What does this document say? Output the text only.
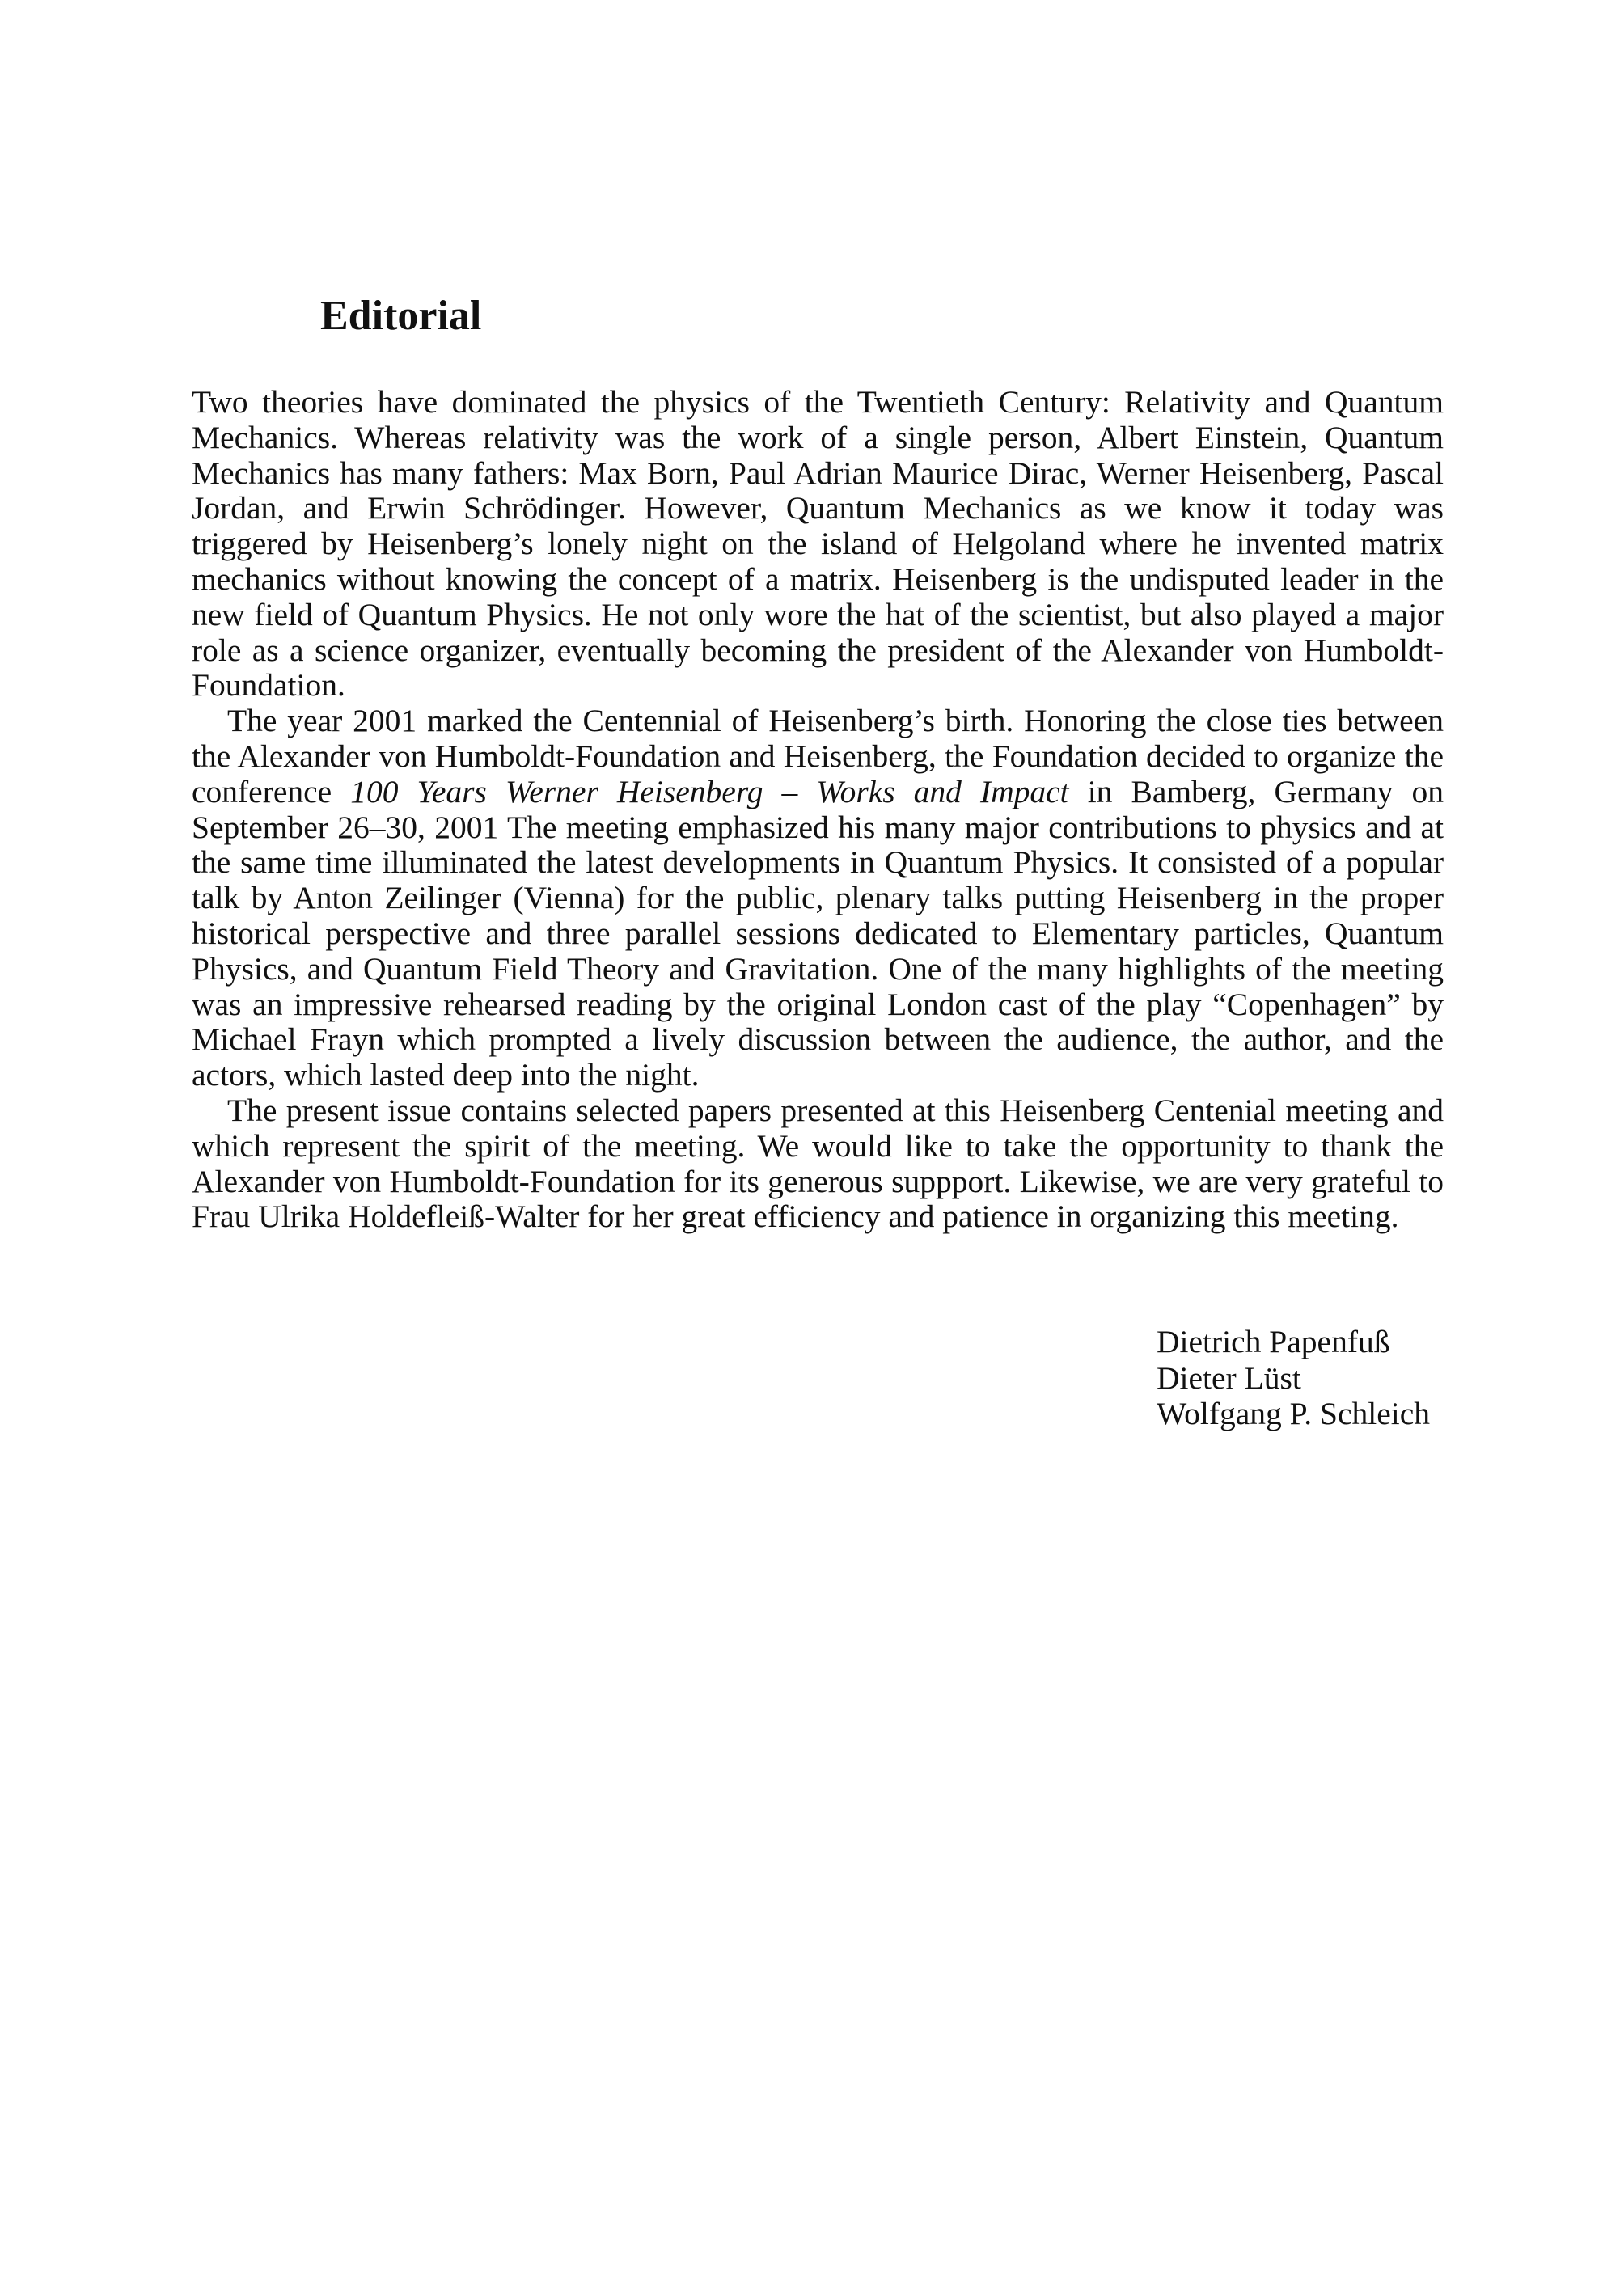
Editorial

Two theories have dominated the physics of the Twentieth Century: Relativity and Quantum Mechanics. Whereas relativity was the work of a single person, Albert Einstein, Quantum Mechanics has many fathers: Max Born, Paul Adrian Maurice Dirac, Werner Heisenberg, Pascal Jordan, and Erwin Schrödinger. However, Quantum Mechanics as we know it today was triggered by Heisenberg’s lonely night on the island of Helgoland where he invented matrix mechanics without knowing the concept of a matrix. Heisenberg is the undisputed leader in the new field of Quantum Physics. He not only wore the hat of the scientist, but also played a major role as a science organizer, eventually becoming the president of the Alexander von Humboldt-Foundation.

The year 2001 marked the Centennial of Heisenberg’s birth. Honoring the close ties between the Alexander von Humboldt-Foundation and Heisenberg, the Foundation decided to organize the conference 100 Years Werner Heisenberg – Works and Impact in Bamberg, Germany on September 26–30, 2001 The meeting emphasized his many major contributions to physics and at the same time illuminated the latest developments in Quantum Physics. It consisted of a popular talk by Anton Zeilinger (Vienna) for the public, plenary talks putting Heisenberg in the proper historical perspective and three parallel sessions dedicated to Elementary particles, Quantum Physics, and Quantum Field Theory and Gravitation. One of the many highlights of the meeting was an impressive rehearsed reading by the original London cast of the play “Copenhagen” by Michael Frayn which prompted a lively discussion between the audience, the author, and the actors, which lasted deep into the night.

The present issue contains selected papers presented at this Heisenberg Centenial meeting and which represent the spirit of the meeting. We would like to take the opportunity to thank the Alexander von Humboldt-Foundation for its generous suppport. Likewise, we are very grateful to Frau Ulrika Holdefleiß-Walter for her great efficiency and patience in organizing this meeting.

Dietrich Papenfuß
Dieter Lüst
Wolfgang P. Schleich
